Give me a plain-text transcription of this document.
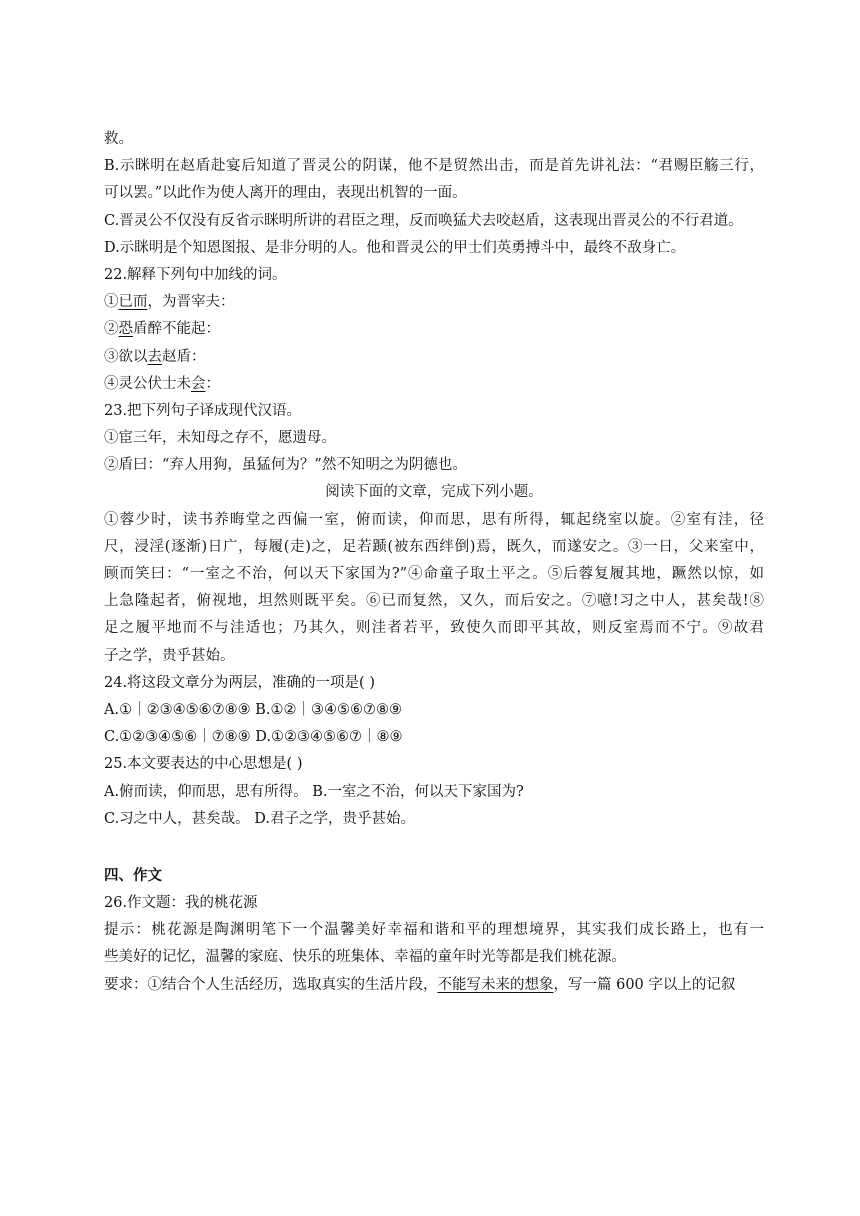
救。
B.示眯明在赵盾赴宴后知道了晋灵公的阴谋，他不是贸然出击，而是首先讲礼法：“君赐臣觞三行，
可以罢。”以此作为使人离开的理由，表现出机智的一面。
C.晋灵公不仅没有反省示眯明所讲的君臣之理，反而唤猛犬去咬赵盾，这表现出晋灵公的不行君道。
D.示眯明是个知恩图报、是非分明的人。他和晋灵公的甲士们英勇搏斗中，最终不敌身亡。
22.解释下列句中加线的词。
①已而，为晋宰夫：
②恐盾醉不能起：
③欲以去赵盾：
④灵公伏士未会：
23.把下列句子译成现代汉语。
①宦三年，未知母之存不，愿遗母。
②盾曰：“弃人用狗，虽猛何为？”然不知明之为阴德也。
阅读下面的文章，完成下列小题。
①蓉少时，读书养晦堂之西偏一室，俯而读，仰而思，思有所得，辄起绕室以旋。②室有洼，径
尺，浸淫(逐渐)日广，每履(走)之，足若踬(被东西绊倒)焉，既久，而遂安之。③一日，父来室中，
顾而笑曰：“一室之不治，何以天下家国为?”④命童子取土平之。⑤后蓉复履其地，蹶然以惊，如
上急隆起者，俯视地，坦然则既平矣。⑥已而复然，又久，而后安之。⑦噫!习之中人，甚矣哉!⑧
足之履平地而不与洼适也；乃其久，则洼者若平，致使久而即平其故，则反室焉而不宁。⑨故君
子之学，贵乎甚始。
24.将这段文章分为两层，准确的一项是( )
A.①｜②③④⑤⑥⑦⑧⑨ B.①②｜③④⑤⑥⑦⑧⑨
C.①②③④⑤⑥｜⑦⑧⑨ D.①②③④⑤⑥⑦｜⑧⑨
25.本文要表达的中心思想是( )
A.俯而读，仰而思，思有所得。 B.一室之不治，何以天下家国为?
C.习之中人，甚矣哉。 D.君子之学，贵乎甚始。
四、作文
26.作文题：我的桃花源
提示：桃花源是陶渊明笔下一个温馨美好幸福和谐和平的理想境界，其实我们成长路上，也有一
些美好的记忆，温馨的家庭、快乐的班集体、幸福的童年时光等都是我们桃花源。
要求：①结合个人生活经历，选取真实的生活片段，不能写未来的想象，写一篇 600 字以上的记叙
